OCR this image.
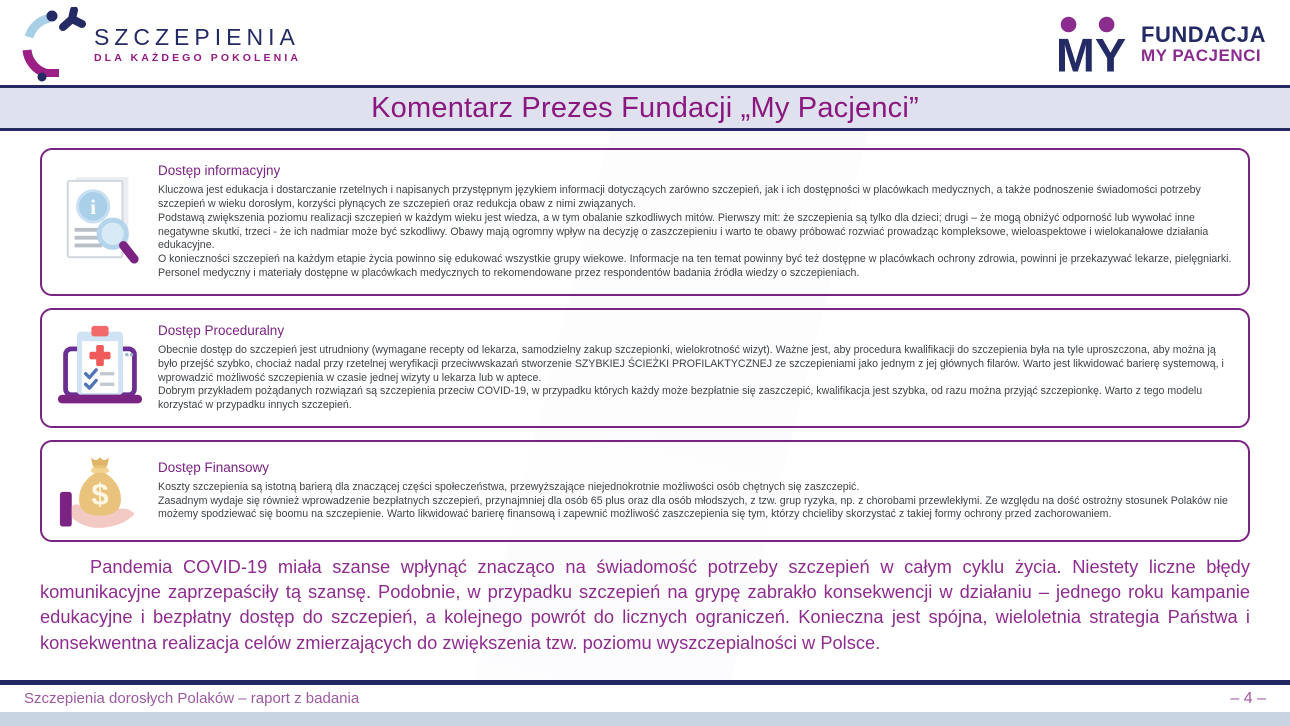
SZCZEPIENIA
DLA KAŻDEGO POKOLENIA	MY FUNDACJA
MY PACJENCI
Komentarz Prezes Fundacji „My Pacjenci”
i
Dostęp informacyjny

Kluczowa jest edukacja i dostarczanie rzetelnych i napisanych przystępnym językiem informacji dotyczących zarówno szczepień, jak i ich dostępności w placówkach medycznych, a także podnoszenie świadomości potrzeby szczepień w wieku dorosłym, korzyści płynących ze szczepień oraz redukcja obaw z nimi związanych.

Podstawą zwiększenia poziomu realizacji szczepień w każdym wieku jest wiedza, a w tym obalanie szkodliwych mitów. Pierwszy mit: że szczepienia są tylko dla dzieci; drugi – że mogą obniżyć odporność lub wywołać inne negatywne skutki, trzeci - że ich nadmiar może być szkodliwy. Obawy mają ogromny wpływ na decyzję o zaszczepieniu i warto te obawy próbować rozwiać prowadząc kompleksowe, wieloaspektowe i wielokanałowe działania edukacyjne.

O konieczności szczepień na każdym etapie życia powinno się edukować wszystkie grupy wiekowe. Informacje na ten temat powinny być też dostępne w placówkach ochrony zdrowia, powinni je przekazywać lekarze, pielęgniarki. Personel medyczny i materiały dostępne w placówkach medycznych to rekomendowane przez respondentów badania źródła wiedzy o szczepieniach.

Dostęp Proceduralny

Obecnie dostęp do szczepień jest utrudniony (wymagane recepty od lekarza, samodzielny zakup szczepionki, wielokrotność wizyt). Ważne jest, aby procedura kwalifikacji do szczepienia była na tyle uproszczona, aby można ją było przejść szybko, chociaż nadal przy rzetelnej weryfikacji przeciwwskazań stworzenie SZYBKIEJ ŚCIEŻKI PROFILAKTYCZNEJ ze szczepieniami jako jednym z jej głównych filarów. Warto jest likwidować barierę systemową, i wprowadzić możliwość szczepienia w czasie jednej wizyty u lekarza lub w aptece.

Dobrym przykładem pożądanych rozwiązań są szczepienia przeciw COVID-19, w przypadku których każdy może bezpłatnie się zaszczepić, kwalifikacja jest szybka, od razu można przyjąć szczepionkę. Warto z tego modelu korzystać w przypadku innych szczepień.

$
Dostęp Finansowy

Koszty szczepienia są istotną barierą dla znaczącej części społeczeństwa, przewyższające niejednokrotnie możliwości osób chętnych się zaszczepić.

Zasadnym wydaje się również wprowadzenie bezpłatnych szczepień, przynajmniej dla osób 65 plus oraz dla osób młodszych, z tzw. grup ryzyka, np. z chorobami przewlekłymi. Ze względu na dość ostrożny stosunek Polaków nie możemy spodziewać się boomu na szczepienie. Warto likwidować barierę finansową i zapewnić możliwość zaszczepienia się tym, którzy chcieliby skorzystać z takiej formy ochrony przed zachorowaniem.

Pandemia COVID-19 miała szanse wpłynąć znacząco na świadomość potrzeby szczepień w całym cyklu życia. Niestety liczne błędy komunikacyjne zaprzepaściły tą szansę. Podobnie, w przypadku szczepień na grypę zabrakło konsekwencji w działaniu – jednego roku kampanie edukacyjne i bezpłatny dostęp do szczepień, a kolejnego powrót do licznych ograniczeń. Konieczna jest spójna, wieloletnia strategia Państwa i konsekwentna realizacja celów zmierzających do zwiększenia tzw. poziomu wyszczepialności w Polsce.

Szczepienia dorosłych Polaków – raport z badania	– 4 –
